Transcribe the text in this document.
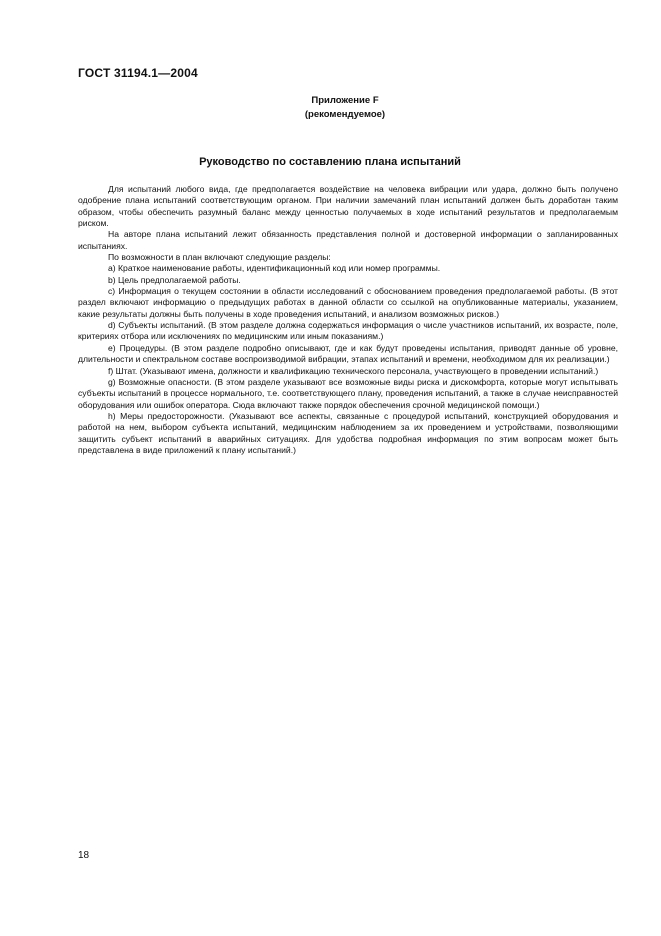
ГОСТ 31194.1—2004
Приложение F
(рекомендуемое)
Руководство по составлению плана испытаний

Для испытаний любого вида, где предполагается воздействие на человека вибрации или удара, должно быть получено одобрение плана испытаний соответствующим органом. При наличии замечаний план испытаний должен быть доработан таким образом, чтобы обеспечить разумный баланс между ценностью получаемых в ходе испытаний результатов и предполагаемым риском.

На авторе плана испытаний лежит обязанность представления полной и достоверной информации о запланированных испытаниях.

По возможности в план включают следующие разделы:

a) Краткое наименование работы, идентификационный код или номер программы.

b) Цель предполагаемой работы.

c) Информация о текущем состоянии в области исследований с обоснованием проведения предполагаемой работы. (В этот раздел включают информацию о предыдущих работах в данной области со ссылкой на опубликованные материалы, указанием, какие результаты должны быть получены в ходе проведения испытаний, и анализом возможных рисков.)

d) Субъекты испытаний. (В этом разделе должна содержаться информация о числе участников испытаний, их возрасте, поле, критериях отбора или исключениях по медицинским или иным показаниям.)

e) Процедуры. (В этом разделе подробно описывают, где и как будут проведены испытания, приводят данные об уровне, длительности и спектральном составе воспроизводимой вибрации, этапах испытаний и времени, необходимом для их реализации.)

f) Штат. (Указывают имена, должности и квалификацию технического персонала, участвующего в проведении испытаний.)

g) Возможные опасности. (В этом разделе указывают все возможные виды риска и дискомфорта, которые могут испытывать субъекты испытаний в процессе нормального, т.е. соответствующего плану, проведения испытаний, а также в случае неисправностей оборудования или ошибок оператора. Сюда включают также порядок обеспечения срочной медицинской помощи.)

h) Меры предосторожности. (Указывают все аспекты, связанные с процедурой испытаний, конструкцией оборудования и работой на нем, выбором субъекта испытаний, медицинским наблюдением за их проведением и устройствами, позволяющими защитить субъект испытаний в аварийных ситуациях. Для удобства подробная информация по этим вопросам может быть представлена в виде приложений к плану испытаний.)

18
